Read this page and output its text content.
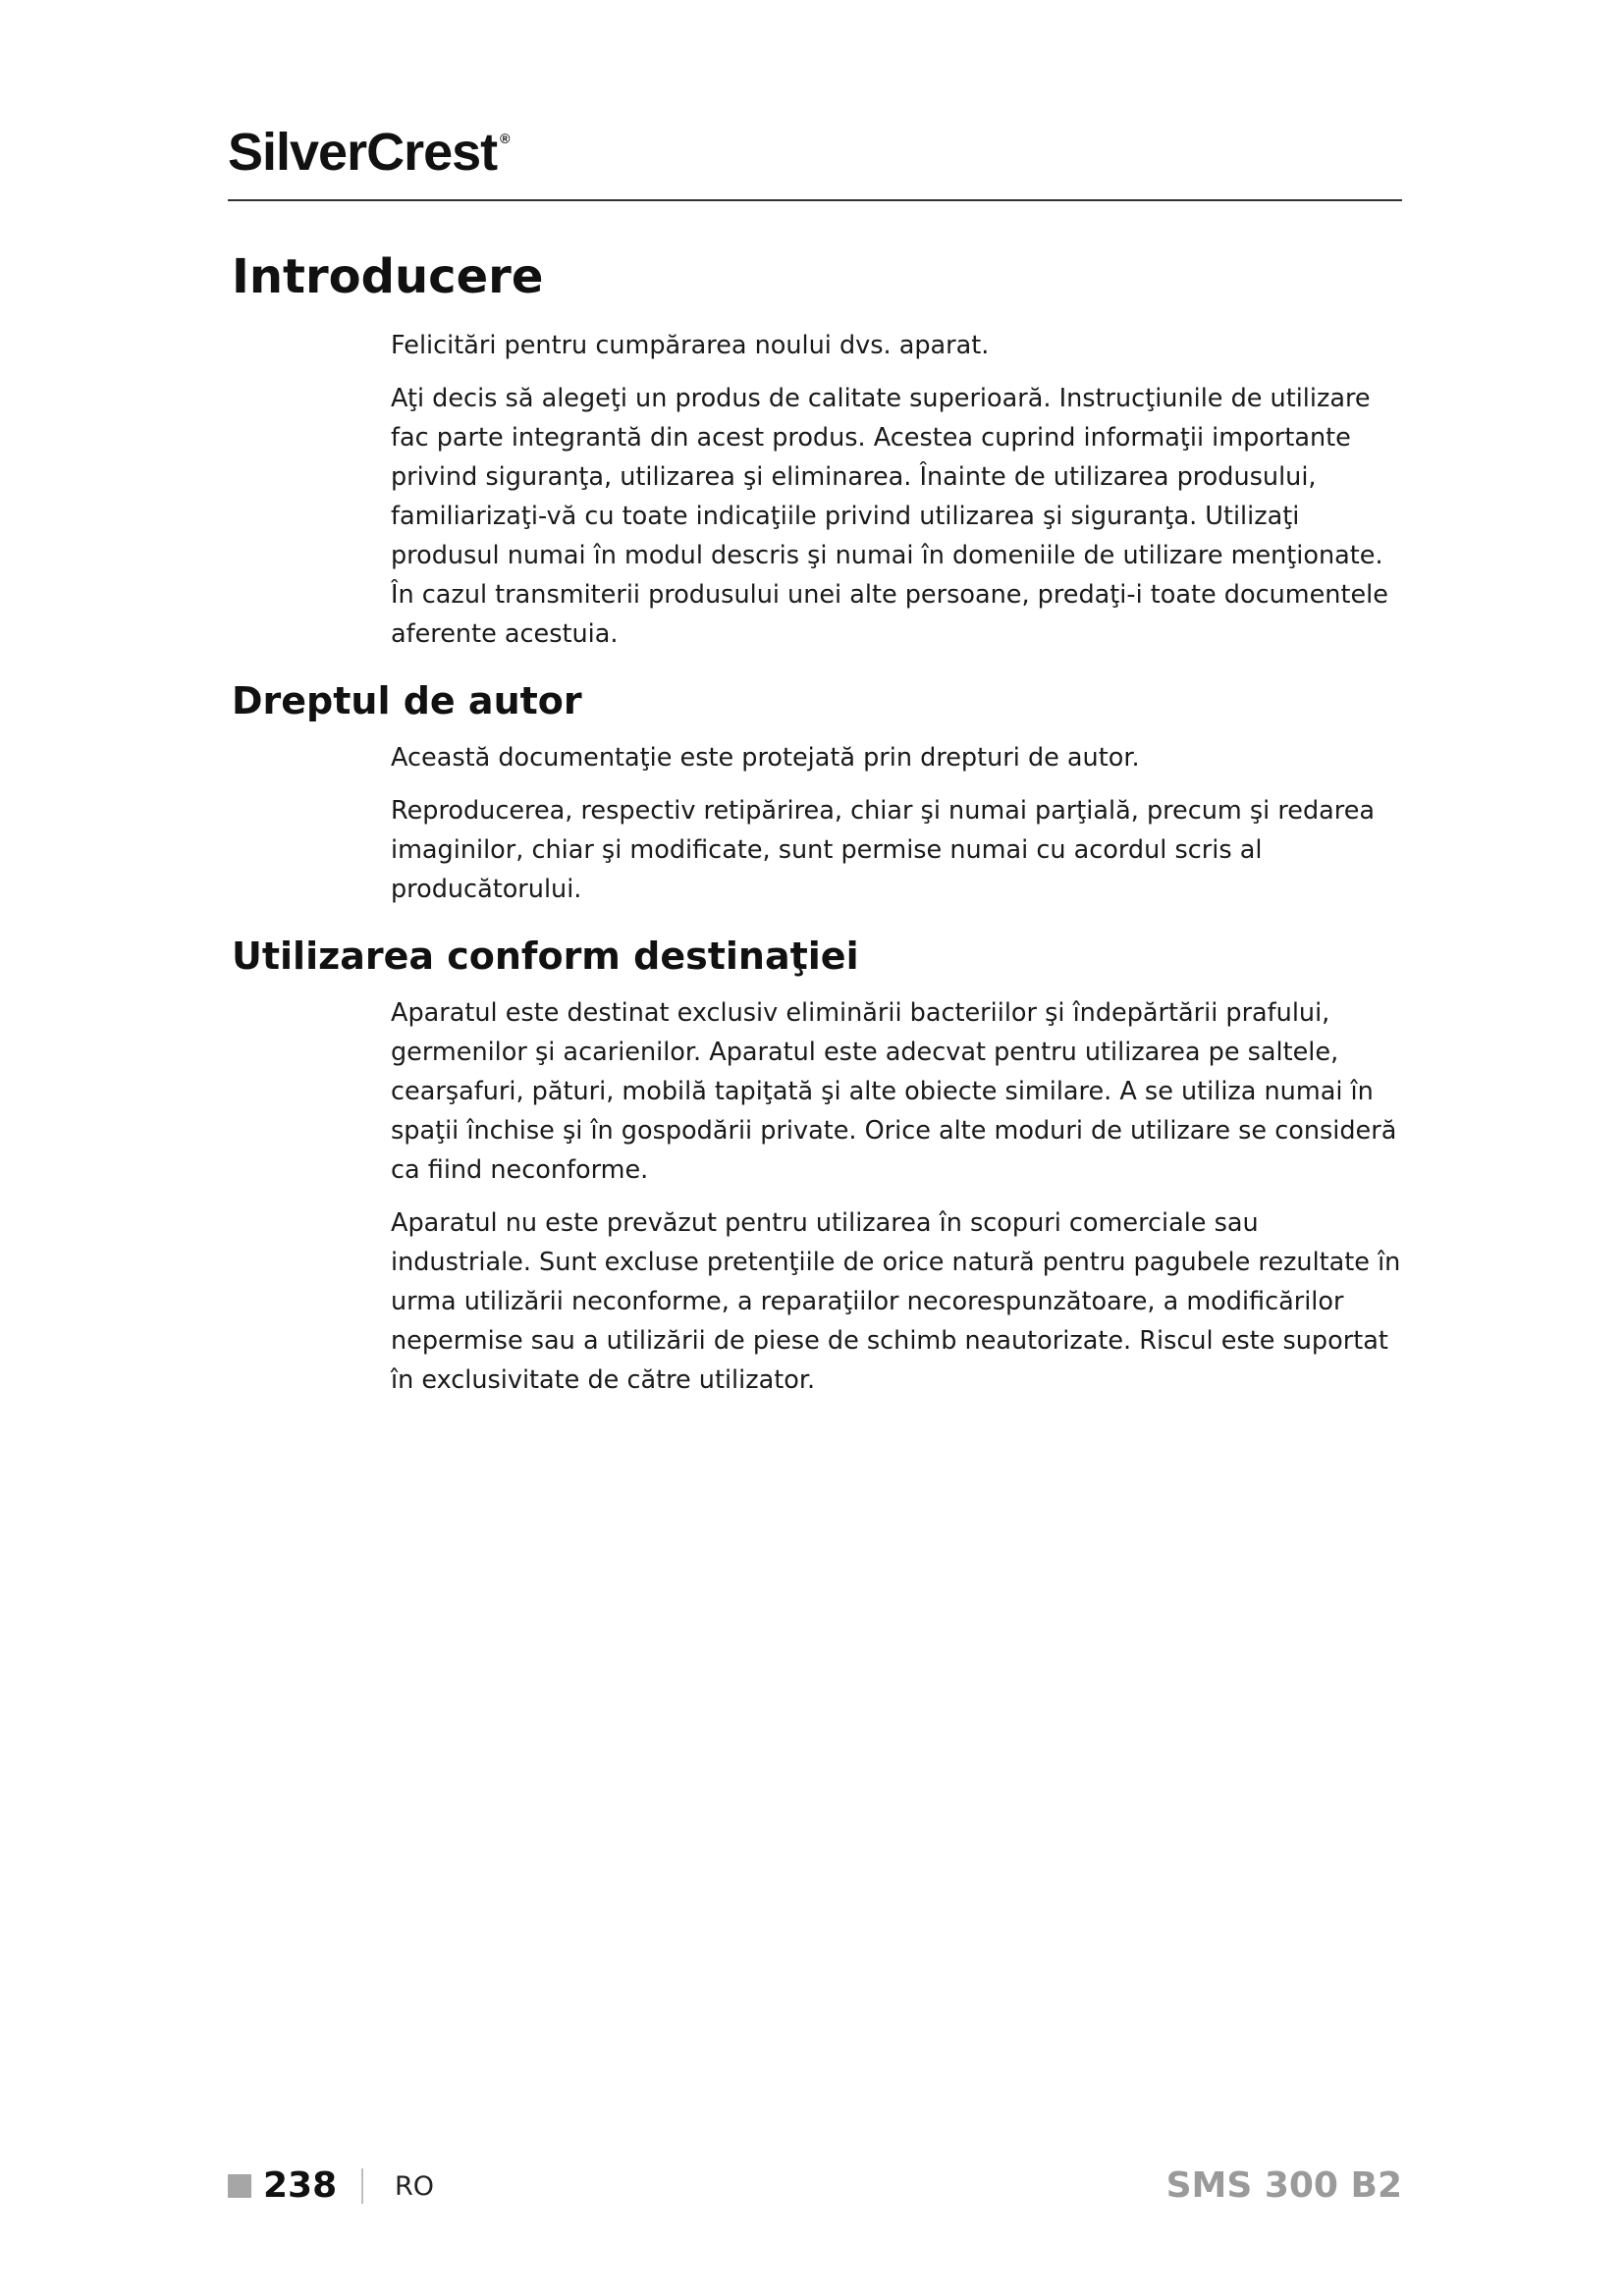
SilverCrest ®
Introducere

Felicitări pentru cumpărarea noului dvs. aparat.

Aţi decis să alegeţi un produs de calitate superioară. Instrucţiunile de utilizare fac parte integrantă din acest produs. Acestea cuprind informaţii importante privind siguranţa, utilizarea şi eliminarea. Înainte de utilizarea produsului, familiarizaţi-vă cu toate indicaţiile privind utilizarea şi siguranţa. Utilizaţi produsul numai în modul descris şi numai în domeniile de utilizare menţionate. În cazul transmiterii produsului unei alte persoane, predaţi-i toate documentele aferente acestuia.

Dreptul de autor

Această documentaţie este protejată prin drepturi de autor.

Reproducerea, respectiv retipărirea, chiar şi numai parţială, precum şi redarea imaginilor, chiar şi modificate, sunt permise numai cu acordul scris al producătorului.

Utilizarea conform destinaţiei

Aparatul este destinat exclusiv eliminării bacteriilor şi îndepărtării prafului, germenilor şi acarienilor. Aparatul este adecvat pentru utilizarea pe saltele, cearşafuri, pături, mobilă tapiţată şi alte obiecte similare. A se utiliza numai în spaţii închise şi în gospodării private. Orice alte moduri de utilizare se consideră ca fiind neconforme.

Aparatul nu este prevăzut pentru utilizarea în scopuri comerciale sau industriale. Sunt excluse pretenţiile de orice natură pentru pagubele rezultate în urma utilizării neconforme, a reparaţiilor necorespunzătoare, a modificărilor nepermise sau a utilizării de piese de schimb neautorizate. Riscul este suportat în exclusivitate de către utilizator.

238 RO	SMS 300 B2
